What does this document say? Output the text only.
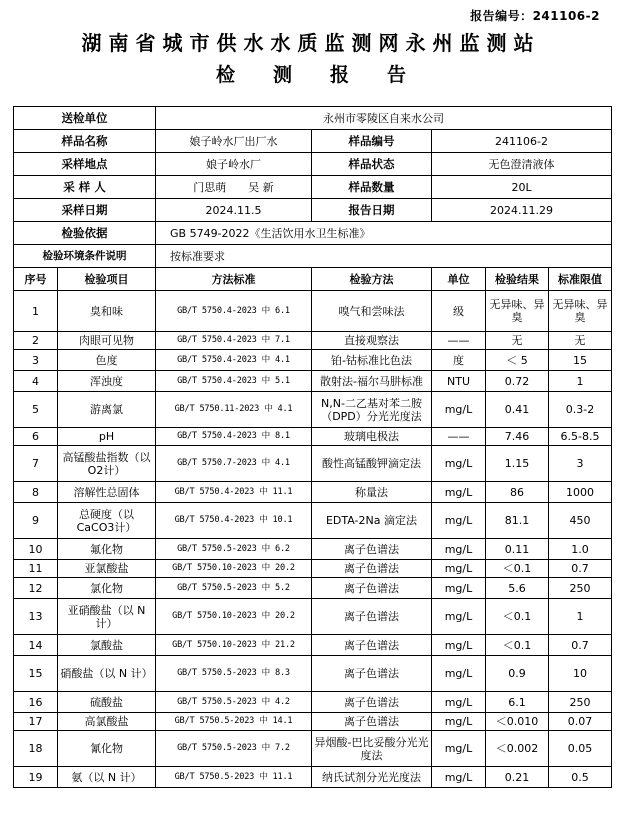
报告编号：241106-2
湖南省城市供水水质监测网永州监测站
检 测 报 告
送检单位		永州市零陵区自来水公司				
样品名称		娘子岭水厂出厂水	样品编号	241106-2		
采样地点		娘子岭水厂	样品状态	无色澄清液体		
采 样 人		门思萌　　吴 新	样品数量	20L		
采样日期		2024.11.5	报告日期	2024.11.29		
检验依据		GB 5749-2022《生活饮用水卫生标准》				
检验环境条件说明		按标准要求				
序号	检验项目	方法标准	检验方法	单位	检验结果	标准限值
1	臭和味	GB/T 5750.4-2023 中 6.1	嗅气和尝味法	级	无异味、异臭	无异味、异臭
2	肉眼可见物	GB/T 5750.4-2023 中 7.1	直接观察法	——	无	无
3	色度	GB/T 5750.4-2023 中 4.1	铂-钴标准比色法	度	＜ 5	15
4	浑浊度	GB/T 5750.4-2023 中 5.1	散射法-福尔马肼标准	NTU	0.72	1
5	游离氯	GB/T 5750.11-2023 中 4.1	N,N-二乙基对苯二胺（DPD）分光光度法	mg/L	0.41	0.3-2
6	pH	GB/T 5750.4-2023 中 8.1	玻璃电极法	——	7.46	6.5-8.5
7	高锰酸盐指数（以 O2计）	GB/T 5750.7-2023 中 4.1	酸性高锰酸钾滴定法	mg/L	1.15	3
8	溶解性总固体	GB/T 5750.4-2023 中 11.1	称量法	mg/L	86	1000
9	总硬度（以 CaCO3计）	GB/T 5750.4-2023 中 10.1	EDTA-2Na 滴定法	mg/L	81.1	450
10	氟化物	GB/T 5750.5-2023 中 6.2	离子色谱法	mg/L	0.11	1.0
11	亚氯酸盐	GB/T 5750.10-2023 中 20.2	离子色谱法	mg/L	＜0.1	0.7
12	氯化物	GB/T 5750.5-2023 中 5.2	离子色谱法	mg/L	5.6	250
13	亚硝酸盐（以 N 计）	GB/T 5750.10-2023 中 20.2	离子色谱法	mg/L	＜0.1	1
14	氯酸盐	GB/T 5750.10-2023 中 21.2	离子色谱法	mg/L	＜0.1	0.7
15	硝酸盐（以 N 计）	GB/T 5750.5-2023 中 8.3	离子色谱法	mg/L	0.9	10
16	硫酸盐	GB/T 5750.5-2023 中 4.2	离子色谱法	mg/L	6.1	250
17	高氯酸盐	GB/T 5750.5-2023 中 14.1	离子色谱法	mg/L	＜0.010	0.07
18	氰化物	GB/T 5750.5-2023 中 7.2	异烟酸-巴比妥酸分光光度法	mg/L	＜0.002	0.05
19	氨（以 N 计）	GB/T 5750.5-2023 中 11.1	纳氏试剂分光光度法	mg/L	0.21	0.5
